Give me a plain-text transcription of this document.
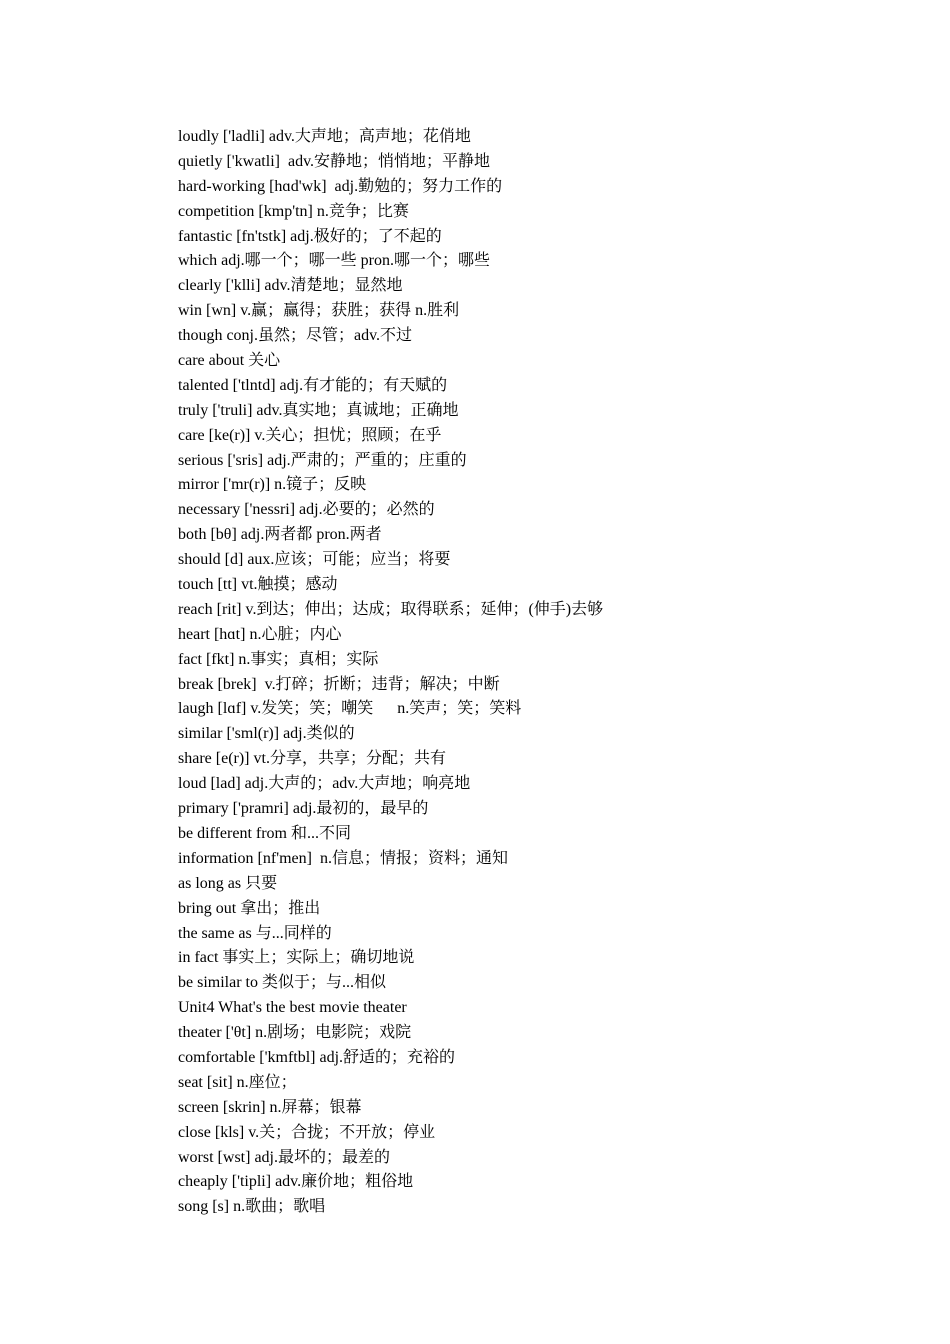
loudly ['ladli] adv.大声地；高声地；花俏地
quietly ['kwatli]  adv.安静地；悄悄地；平静地
hard-working [hɑd'wk]  adj.勤勉的；努力工作的
competition [kmp'tn] n.竞争；比赛
fantastic [fn'tstk] adj.极好的；了不起的
which adj.哪一个；哪一些 pron.哪一个；哪些
clearly ['klli] adv.清楚地；显然地
win [wn] v.赢；赢得；获胜；获得 n.胜利
though conj.虽然；尽管；adv.不过
care about 关心
talented ['tlntd] adj.有才能的；有天赋的
truly ['truli] adv.真实地；真诚地；正确地
care [ke(r)] v.关心；担忧；照顾；在乎
serious ['sris] adj.严肃的；严重的；庄重的
mirror ['mr(r)] n.镜子；反映
necessary ['nessri] adj.必要的；必然的
both [bθ] adj.两者都 pron.两者
should [d] aux.应该；可能；应当；将要
touch [tt] vt.触摸；感动
reach [rit] v.到达；伸出；达成；取得联系；延伸；(伸手)去够
heart [hɑt] n.心脏；内心
fact [fkt] n.事实；真相；实际
break [brek]  v.打碎；折断；违背；解决；中断
laugh [lɑf] v.发笑；笑；嘲笑      n.笑声；笑；笑料
similar ['sml(r)] adj.类似的
share [e(r)] vt.分享，共享；分配；共有
loud [lad] adj.大声的；adv.大声地；响亮地
primary ['pramri] adj.最初的，最早的
be different from 和...不同
information [nf'men]  n.信息；情报；资料；通知
as long as 只要
bring out 拿出；推出
the same as 与...同样的
in fact 事实上；实际上；确切地说
be similar to 类似于；与...相似
Unit4 What's the best movie theater
theater ['θt] n.剧场；电影院；戏院
comfortable ['kmftbl] adj.舒适的；充裕的
seat [sit] n.座位；
screen [skrin] n.屏幕；银幕
close [kls] v.关；合拢；不开放；停业
worst [wst] adj.最坏的；最差的
cheaply ['tipli] adv.廉价地；粗俗地
song [s] n.歌曲；歌唱
